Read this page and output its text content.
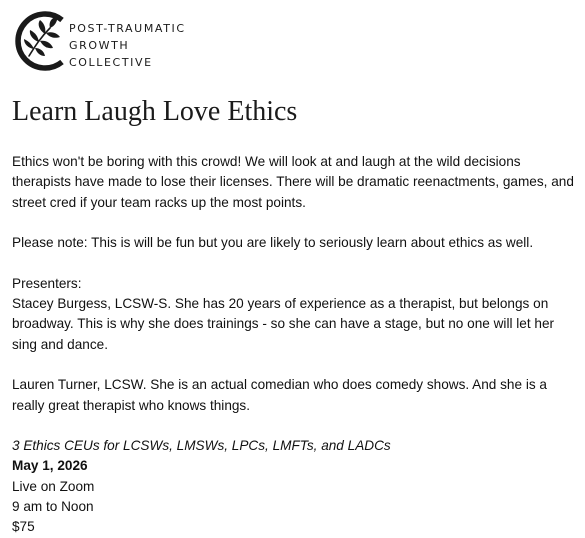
POST-TRAUMATIC
GROWTH
COLLECTIVE
Learn Laugh Love Ethics

Ethics won't be boring with this crowd! We will look at and laugh at the wild decisions therapists have made to lose their licenses. There will be dramatic reenactments, games, and street cred if your team racks up the most points.

Please note: This is will be fun but you are likely to seriously learn about ethics as well.

Presenters:

Stacey Burgess, LCSW-S. She has 20 years of experience as a therapist, but belongs on broadway. This is why she does trainings - so she can have a stage, but no one will let her sing and dance.

Lauren Turner, LCSW. She is an actual comedian who does comedy shows. And she is a really great therapist who knows things.

3 Ethics CEUs for LCSWs, LMSWs, LPCs, LMFTs, and LADCs

May 1, 2026

Live on Zoom

9 am to Noon

$75
